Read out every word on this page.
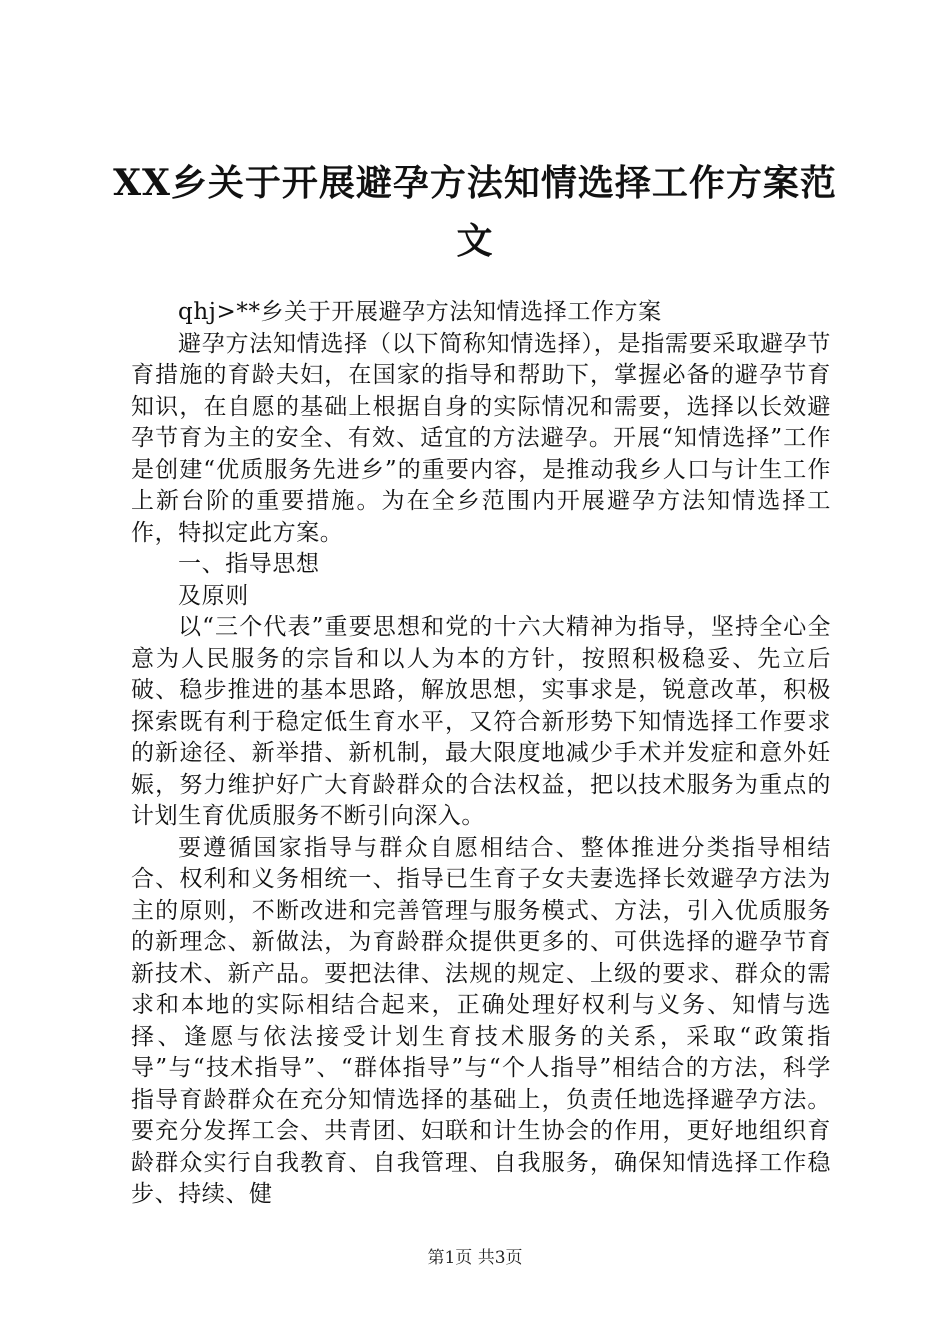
XX乡关于开展避孕方法知情选择工作方案范
文

qhj>**乡关于开展避孕方法知情选择工作方案

避孕方法知情选择（以下简称知情选择），是指需要采取避孕节育措施的育龄夫妇，在国家的指导和帮助下，掌握必备的避孕节育知识，在自愿的基础上根据自身的实际情况和需要，选择以长效避孕节育为主的安全、有效、适宜的方法避孕。开展“知情选择”工作是创建“优质服务先进乡”的重要内容，是推动我乡人口与计生工作上新台阶的重要措施。为在全乡范围内开展避孕方法知情选择工作，特拟定此方案。

一、指导思想

及原则

以“三个代表”重要思想和党的十六大精神为指导，坚持全心全意为人民服务的宗旨和以人为本的方针，按照积极稳妥、先立后破、稳步推进的基本思路，解放思想，实事求是，锐意改革，积极探索既有利于稳定低生育水平，又符合新形势下知情选择工作要求的新途径、新举措、新机制，最大限度地减少手术并发症和意外妊娠，努力维护好广大育龄群众的合法权益，把以技术服务为重点的计划生育优质服务不断引向深入。

要遵循国家指导与群众自愿相结合、整体推进分类指导相结合、权利和义务相统一、指导已生育子女夫妻选择长效避孕方法为主的原则，不断改进和完善管理与服务模式、方法，引入优质服务的新理念、新做法，为育龄群众提供更多的、可供选择的避孕节育新技术、新产品。要把法律、法规的规定、上级的要求、群众的需求和本地的实际相结合起来，正确处理好权利与义务、知情与选择、逢愿与依法接受计划生育技术服务的关系，采取“政策指导”与“技术指导”、“群体指导”与“个人指导”相结合的方法，科学指导育龄群众在充分知情选择的基础上，负责任地选择避孕方法。要充分发挥工会、共青团、妇联和计生协会的作用，更好地组织育龄群众实行自我教育、自我管理、自我服务，确保知情选择工作稳步、持续、健

第1页 共3页
